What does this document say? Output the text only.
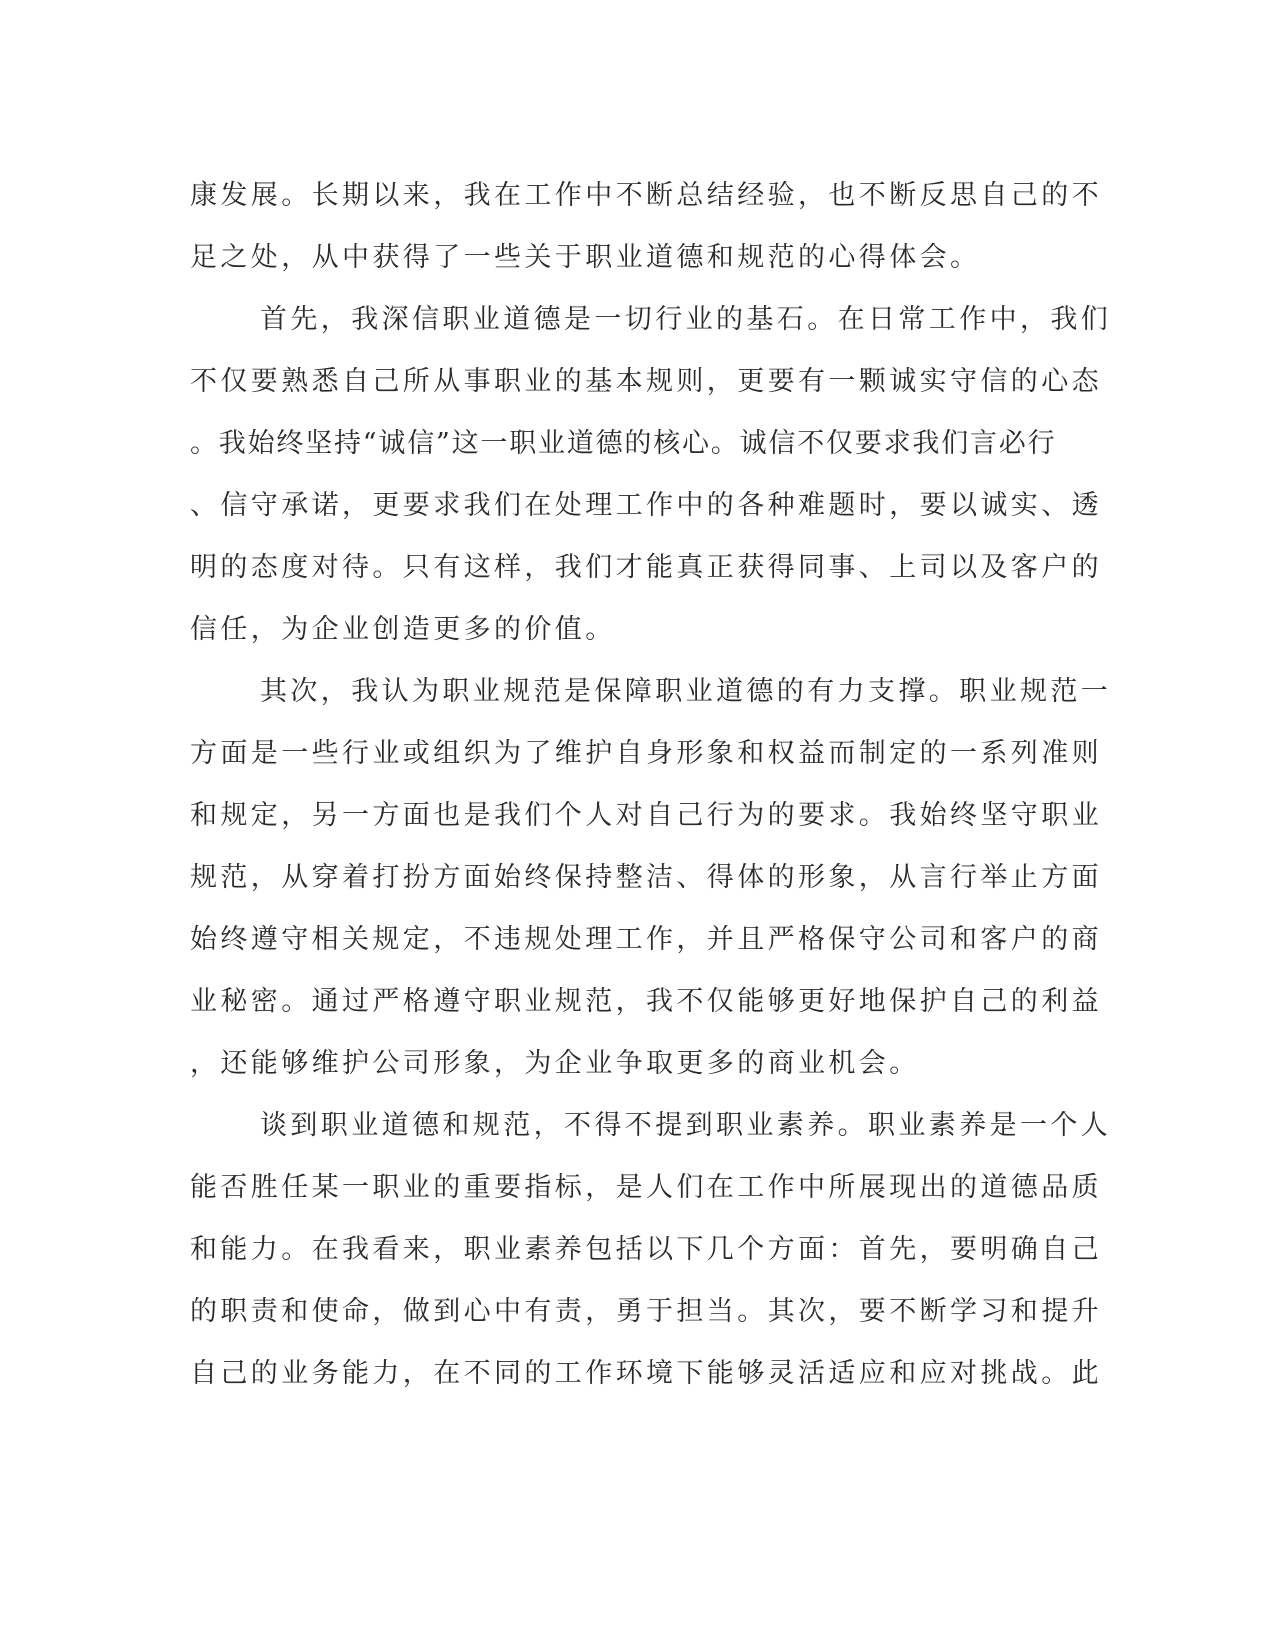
康发展。长期以来，我在工作中不断总结经验，也不断反思自己的不
足之处，从中获得了一些关于职业道德和规范的心得体会。
首先，我深信职业道德是一切行业的基石。在日常工作中，我们
不仅要熟悉自己所从事职业的基本规则，更要有一颗诚实守信的心态
。我始终坚持“诚信”这一职业道德的核心。诚信不仅要求我们言必行
、信守承诺，更要求我们在处理工作中的各种难题时，要以诚实、透
明的态度对待。只有这样，我们才能真正获得同事、上司以及客户的
信任，为企业创造更多的价值。
其次，我认为职业规范是保障职业道德的有力支撑。职业规范一
方面是一些行业或组织为了维护自身形象和权益而制定的一系列准则
和规定，另一方面也是我们个人对自己行为的要求。我始终坚守职业
规范，从穿着打扮方面始终保持整洁、得体的形象，从言行举止方面
始终遵守相关规定，不违规处理工作，并且严格保守公司和客户的商
业秘密。通过严格遵守职业规范，我不仅能够更好地保护自己的利益
，还能够维护公司形象，为企业争取更多的商业机会。
谈到职业道德和规范，不得不提到职业素养。职业素养是一个人
能否胜任某一职业的重要指标，是人们在工作中所展现出的道德品质
和能力。在我看来，职业素养包括以下几个方面：首先，要明确自己
的职责和使命，做到心中有责，勇于担当。其次，要不断学习和提升
自己的业务能力，在不同的工作环境下能够灵活适应和应对挑战。此
